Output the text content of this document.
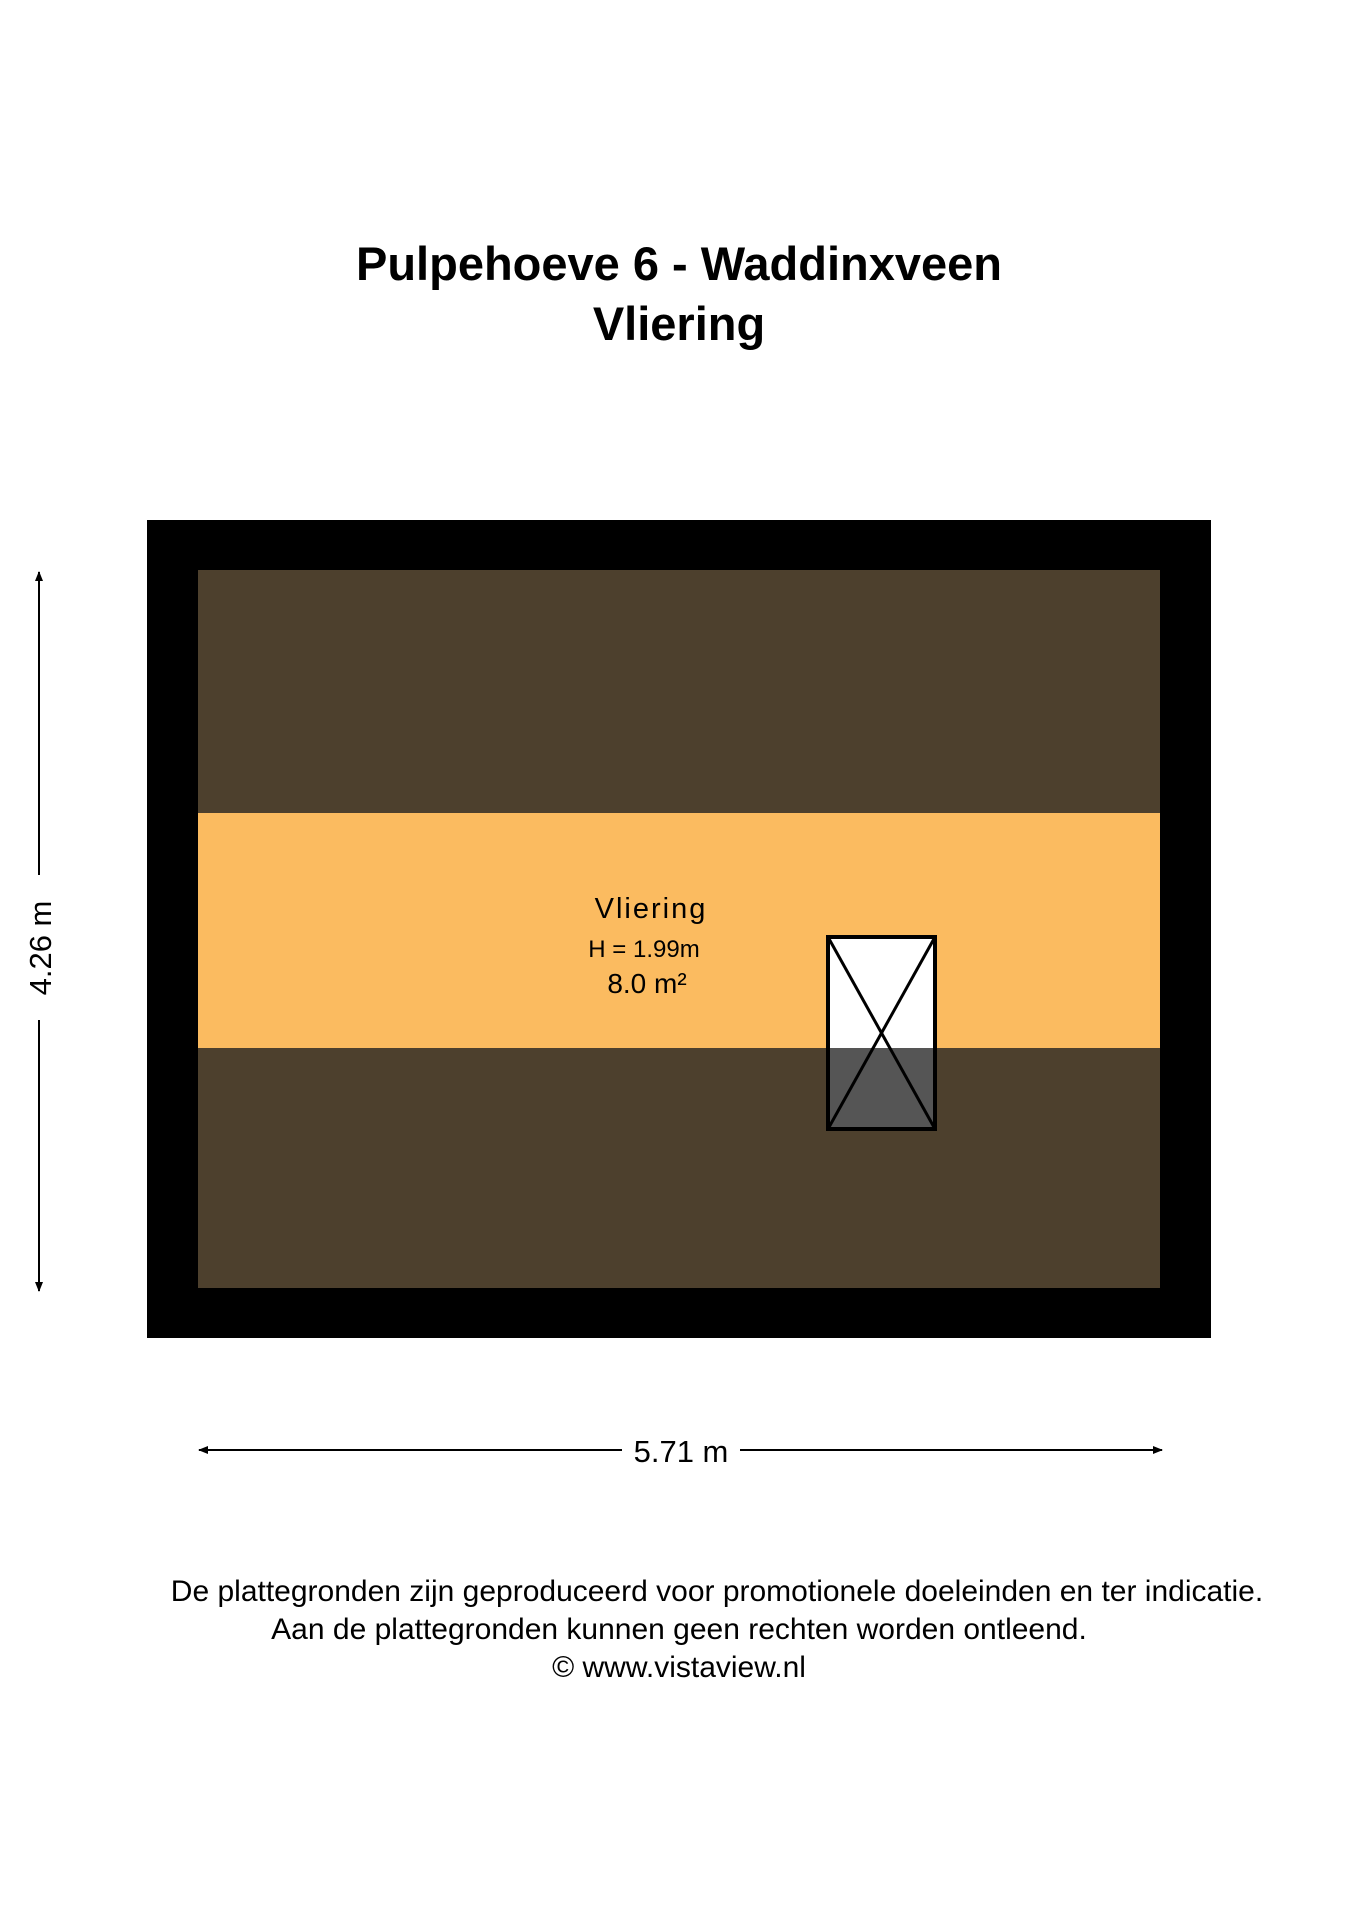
Pulpehoeve 6 - Waddinxveen
Vliering
Vliering
H = 1.99m
8.0 m²
4.26 m
5.71 m
De plattegronden zijn geproduceerd voor promotionele doeleinden en ter indicatie.
Aan de plattegronden kunnen geen rechten worden ontleend.
© www.vistaview.nl
